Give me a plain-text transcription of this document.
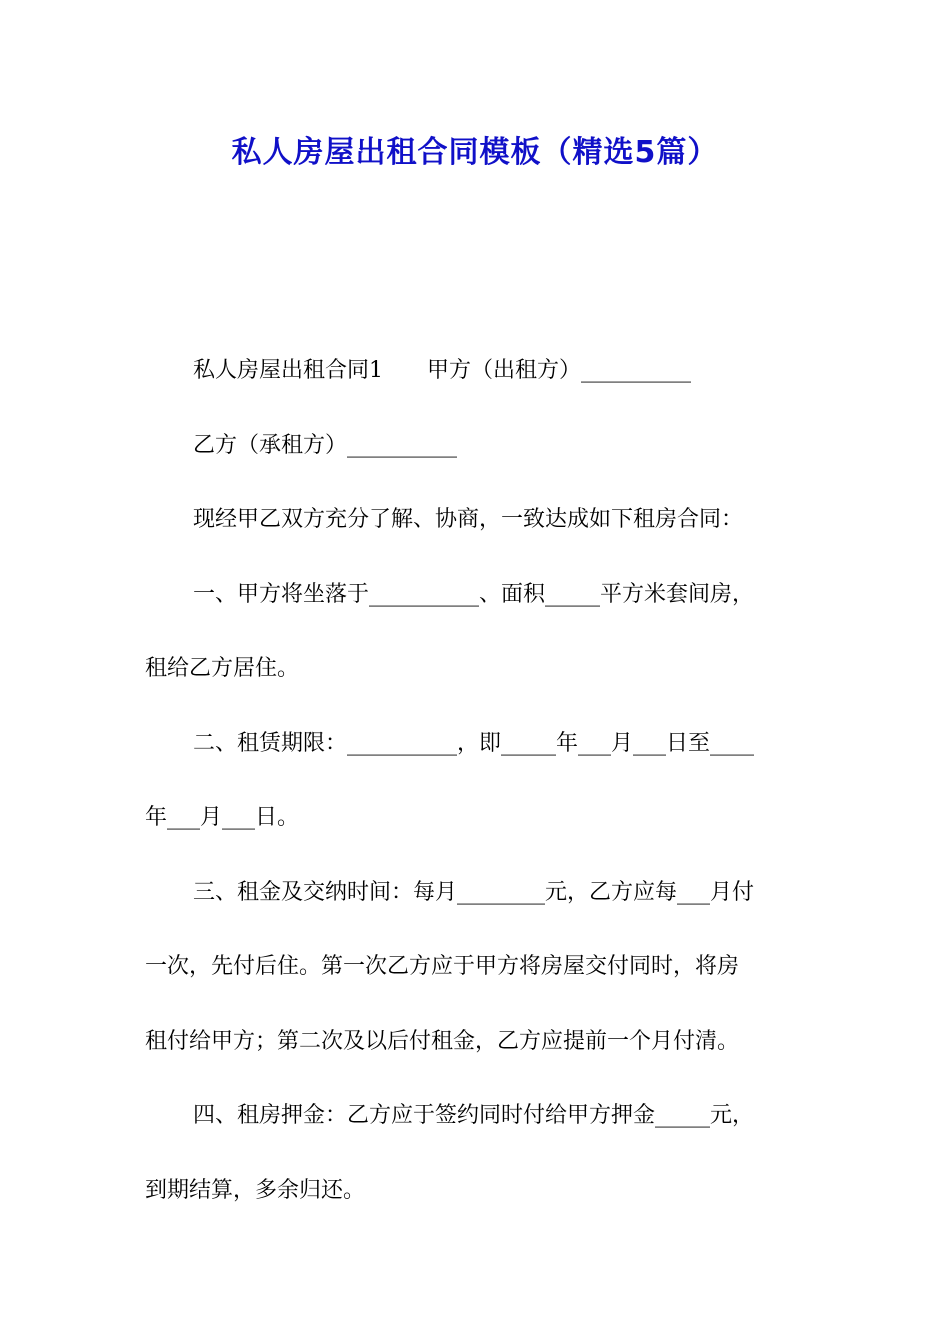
私人房屋出租合同模板（精选5篇）
私人房屋出租合同1　　甲方（出租方）__________
乙方（承租方）__________
现经甲乙双方充分了解、协商，一致达成如下租房合同：
一、甲方将坐落于__________、面积_____平方米套间房，
租给乙方居住。
二、租赁期限：__________，即_____年___月___日至____
年___月___日。
三、租金及交纳时间：每月________元，乙方应每___月付
一次，先付后住。第一次乙方应于甲方将房屋交付同时，将房
租付给甲方；第二次及以后付租金，乙方应提前一个月付清。
四、租房押金：乙方应于签约同时付给甲方押金_____元，
到期结算，多余归还。
